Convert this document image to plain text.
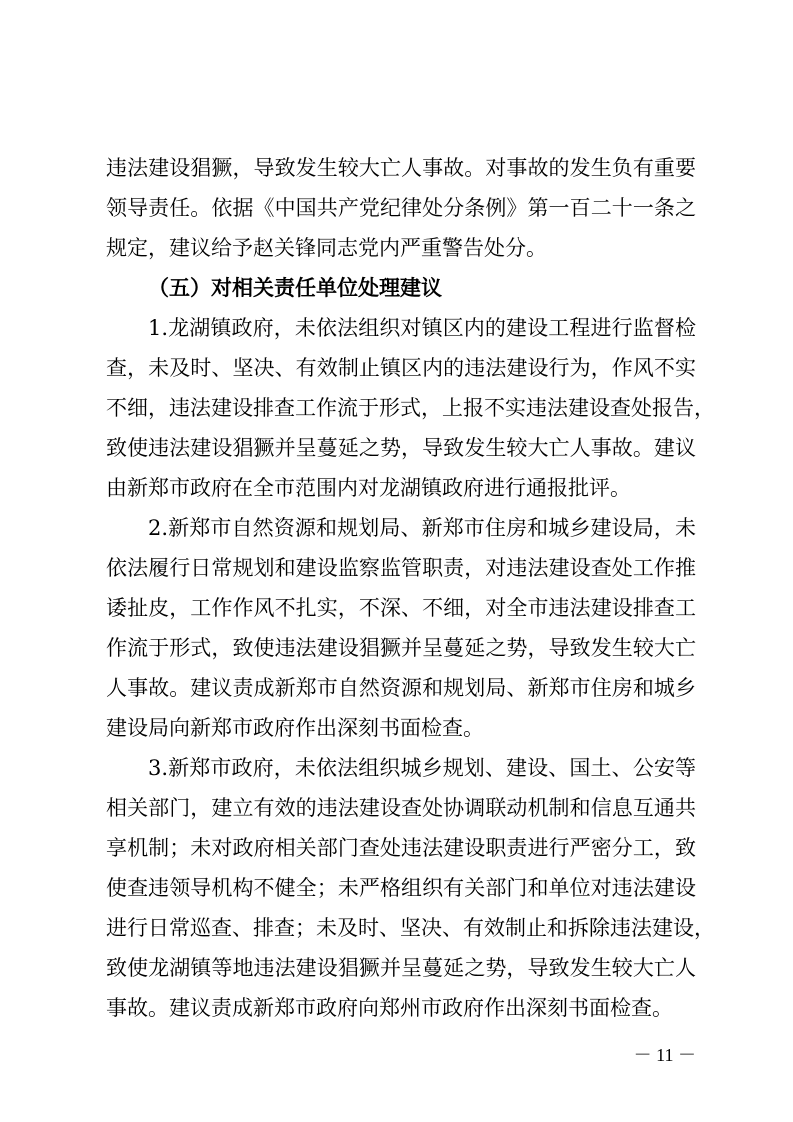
违法建设猖獗，导致发生较大亡人事故。对事故的发生负有重要
领导责任。依据《中国共产党纪律处分条例》第一百二十一条之
规定，建议给予赵关锋同志党内严重警告处分。
（五）对相关责任单位处理建议
1.龙湖镇政府，未依法组织对镇区内的建设工程进行监督检
查，未及时、坚决、有效制止镇区内的违法建设行为，作风不实
不细，违法建设排查工作流于形式，上报不实违法建设查处报告，
致使违法建设猖獗并呈蔓延之势，导致发生较大亡人事故。建议
由新郑市政府在全市范围内对龙湖镇政府进行通报批评。
2.新郑市自然资源和规划局、新郑市住房和城乡建设局，未
依法履行日常规划和建设监察监管职责，对违法建设查处工作推
诿扯皮，工作作风不扎实，不深、不细，对全市违法建设排查工
作流于形式，致使违法建设猖獗并呈蔓延之势，导致发生较大亡
人事故。建议责成新郑市自然资源和规划局、新郑市住房和城乡
建设局向新郑市政府作出深刻书面检查。
3.新郑市政府，未依法组织城乡规划、建设、国土、公安等
相关部门，建立有效的违法建设查处协调联动机制和信息互通共
享机制；未对政府相关部门查处违法建设职责进行严密分工，致
使查违领导机构不健全；未严格组织有关部门和单位对违法建设
进行日常巡查、排查；未及时、坚决、有效制止和拆除违法建设，
致使龙湖镇等地违法建设猖獗并呈蔓延之势，导致发生较大亡人
事故。建议责成新郑市政府向郑州市政府作出深刻书面检查。
－ 11 －
